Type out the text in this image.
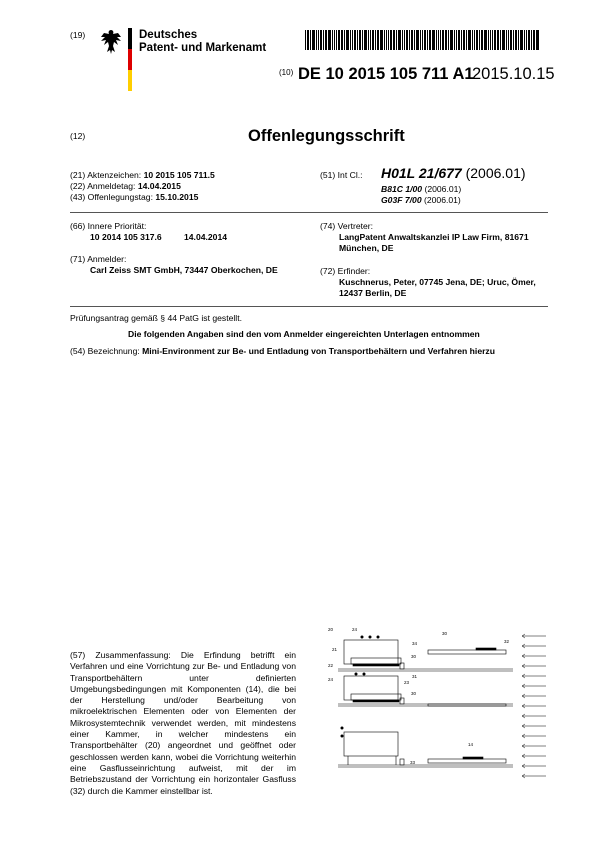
(19)	Deutsches
Patent- und Markenamt
(10) DE 10 2015 105 711 A1
2015.10.15
(12)	Offenlegungsschrift
(21) Aktenzeichen: 10 2015 105 711.5
(22) Anmeldetag: 14.04.2015
(43) Offenlegungstag: 15.10.2015
(51) Int Cl.: H01L 21/677 (2006.01)
B81C 1/00 (2006.01)
G03F 7/00 (2006.01)
(66) Innere Priorität:
10 2014 105 317.6	14.04.2014
(71) Anmelder:
Carl Zeiss SMT GmbH, 73447 Oberkochen, DE
(74) Vertreter:
LangPatent Anwaltskanzlei IP Law Firm, 81671
München, DE
(72) Erfinder:
Kuschnerus, Peter, 07745 Jena, DE; Uruc, Ömer,
12437 Berlin, DE
Prüfungsantrag gemäß § 44 PatG ist gestellt.
Die folgenden Angaben sind den vom Anmelder eingereichten Unterlagen entnommen
(54) Bezeichnung: Mini-Environment zur Be- und Entladung von Transportbehältern und Verfahren hierzu
(57) Zusammenfassung: Die Erfindung betrifft ein Verfahren und eine Vorrichtung zur Be- und Entladung von Transportbehältern unter definierten Umgebungsbedingungen mit Komponenten (14), die bei der Herstellung und/oder Bearbeitung von mikroelektrischen Elementen oder von Elementen der Mikrosystemtechnik verwendet werden, mit mindestens einer Kammer, in welcher mindestens ein Transportbehälter (20) angeordnet und geöffnet oder geschlossen werden kann, wobei die Vorrichtung weiterhin eine Gasflusseinrichtung aufweist, mit der im Betriebszustand der Vorrichtung ein horizontaler Gasfluss (32) durch die Kammer einstellbar ist.
20	24
34
30
32
21
22
30
31
24
23
30
14
33
